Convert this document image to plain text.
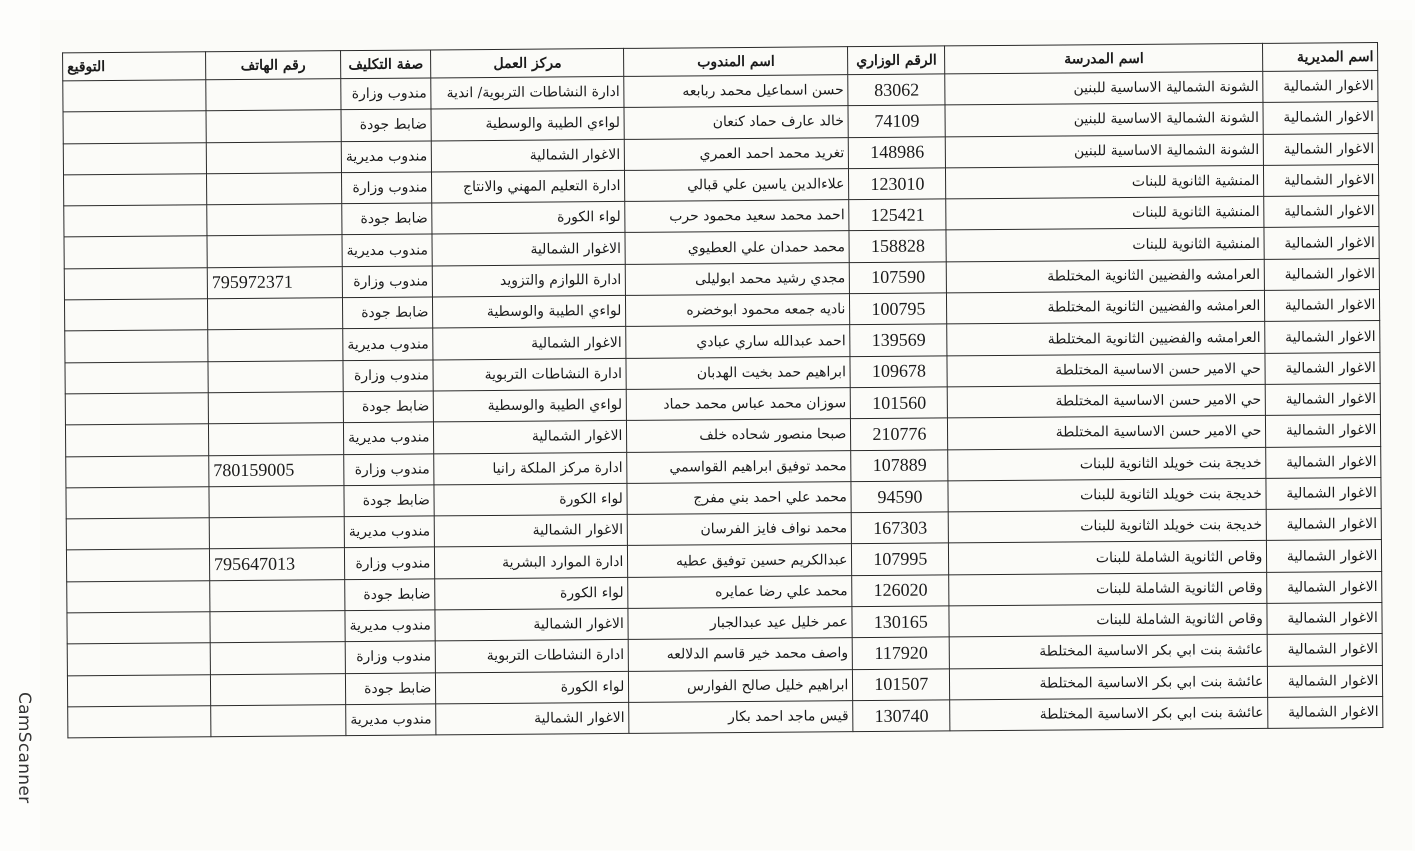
اسم المديرية	اسم المدرسة	الرقم الوزاري	اسم المندوب	مركز العمل	صفة التكليف	رقم الهاتف	التوقيع
الاغوار الشمالية	الشونة الشمالية الاساسية للبنين	83062	حسن اسماعيل محمد ربابعه	ادارة النشاطات التربوية/ اندية	مندوب وزارة		
الاغوار الشمالية	الشونة الشمالية الاساسية للبنين	74109	خالد عارف حماد كنعان	لواءي الطيبة والوسطية	ضابط جودة		
الاغوار الشمالية	الشونة الشمالية الاساسية للبنين	148986	تغريد محمد احمد العمري	الاغوار الشمالية	مندوب مديرية		
الاغوار الشمالية	المنشية الثانوية للبنات	123010	علاءالدين ياسين علي قبالي	ادارة التعليم المهني والانتاج	مندوب وزارة		
الاغوار الشمالية	المنشية الثانوية للبنات	125421	احمد محمد سعيد محمود حرب	لواء الكورة	ضابط جودة		
الاغوار الشمالية	المنشية الثانوية للبنات	158828	محمد حمدان علي العطيوي	الاغوار الشمالية	مندوب مديرية		
الاغوار الشمالية	العرامشه والفضيين الثانوية المختلطة	107590	مجدي رشيد محمد ابوليلى	ادارة اللوازم والتزويد	مندوب وزارة	795972371	
الاغوار الشمالية	العرامشه والفضيين الثانوية المختلطة	100795	ناديه جمعه محمود ابوخضره	لواءي الطيبة والوسطية	ضابط جودة		
الاغوار الشمالية	العرامشه والفضيين الثانوية المختلطة	139569	احمد عبدالله ساري عبادي	الاغوار الشمالية	مندوب مديرية		
الاغوار الشمالية	حي الامير حسن الاساسية المختلطة	109678	ابراهيم حمد بخيت الهدبان	ادارة النشاطات التربوية	مندوب وزارة		
الاغوار الشمالية	حي الامير حسن الاساسية المختلطة	101560	سوزان محمد عباس محمد حماد	لواءي الطيبة والوسطية	ضابط جودة		
الاغوار الشمالية	حي الامير حسن الاساسية المختلطة	210776	صبحا منصور شحاده خلف	الاغوار الشمالية	مندوب مديرية		
الاغوار الشمالية	خديجة بنت خويلد الثانوية للبنات	107889	محمد توفيق ابراهيم القواسمي	ادارة مركز الملكة رانيا	مندوب وزارة	780159005	
الاغوار الشمالية	خديجة بنت خويلد الثانوية للبنات	94590	محمد علي احمد بني مفرج	لواء الكورة	ضابط جودة		
الاغوار الشمالية	خديجة بنت خويلد الثانوية للبنات	167303	محمد نواف فايز الفرسان	الاغوار الشمالية	مندوب مديرية		
الاغوار الشمالية	وقاص الثانوية الشاملة للبنات	107995	عبدالكريم حسين توفيق عطيه	ادارة الموارد البشرية	مندوب وزارة	795647013	
الاغوار الشمالية	وقاص الثانوية الشاملة للبنات	126020	محمد علي رضا عمايره	لواء الكورة	ضابط جودة		
الاغوار الشمالية	وقاص الثانوية الشاملة للبنات	130165	عمر خليل عيد عبدالجبار	الاغوار الشمالية	مندوب مديرية		
الاغوار الشمالية	عائشة بنت ابي بكر الاساسية المختلطة	117920	واصف محمد خير قاسم الدلالعه	ادارة النشاطات التربوية	مندوب وزارة		
الاغوار الشمالية	عائشة بنت ابي بكر الاساسية المختلطة	101507	ابراهيم خليل صالح الفوارس	لواء الكورة	ضابط جودة		
الاغوار الشمالية	عائشة بنت ابي بكر الاساسية المختلطة	130740	قيس ماجد احمد بكار	الاغوار الشمالية	مندوب مديرية		
CamScanner
